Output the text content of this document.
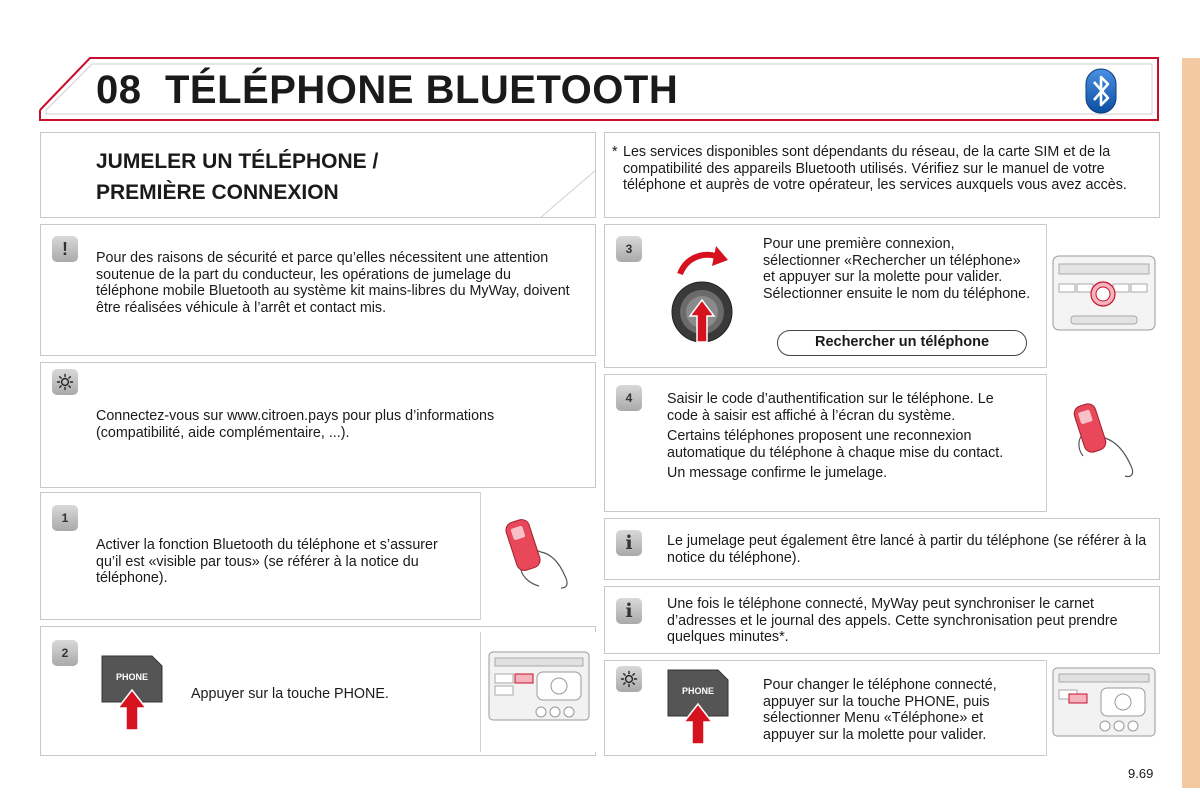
08 TÉLÉPHONE BLUETOOTH
JUMELER UN TÉLÉPHONE /
PREMIÈRE CONNEXION
* Les services disponibles sont dépendants du réseau, de la carte SIM et de la compatibilité des appareils Bluetooth utilisés. Vérifiez sur le manuel de votre téléphone et auprès de votre opérateur, les services auxquels vous avez accès.
!	Pour des raisons de sécurité et parce qu’elles nécessitent une attention soutenue de la part du conducteur, les opérations de jumelage du téléphone mobile Bluetooth au système kit mains-libres du MyWay, doivent être réalisées véhicule à l’arrêt et contact mis.
Connectez-vous sur www.citroen.pays pour plus d’informations (compatibilité, aide complémentaire, ...).
1
Activer la fonction Bluetooth du téléphone et s’assurer qu’il est «visible par tous» (se référer à la notice du téléphone).
2
PHONE
Appuyer sur la touche PHONE.
3	Pour une première connexion, sélectionner «Rechercher un téléphone» et appuyer sur la molette pour valider. Sélectionner ensuite le nom du téléphone.
Rechercher un téléphone
4	Saisir le code d’authentification sur le téléphone. Le code à saisir est affiché à l’écran du système.
Certains téléphones proposent une reconnexion automatique du téléphone à chaque mise du contact.
Un message confirme le jumelage.
i	Le jumelage peut également être lancé à partir du téléphone (se référer à la notice du téléphone).
i	Une fois le téléphone connecté, MyWay peut synchroniser le carnet d’adresses et le journal des appels. Cette synchronisation peut prendre quelques minutes*.
PHONE	Pour changer le téléphone connecté, appuyer sur la touche PHONE, puis sélectionner Menu «Téléphone» et appuyer sur la molette pour valider.
9.69
